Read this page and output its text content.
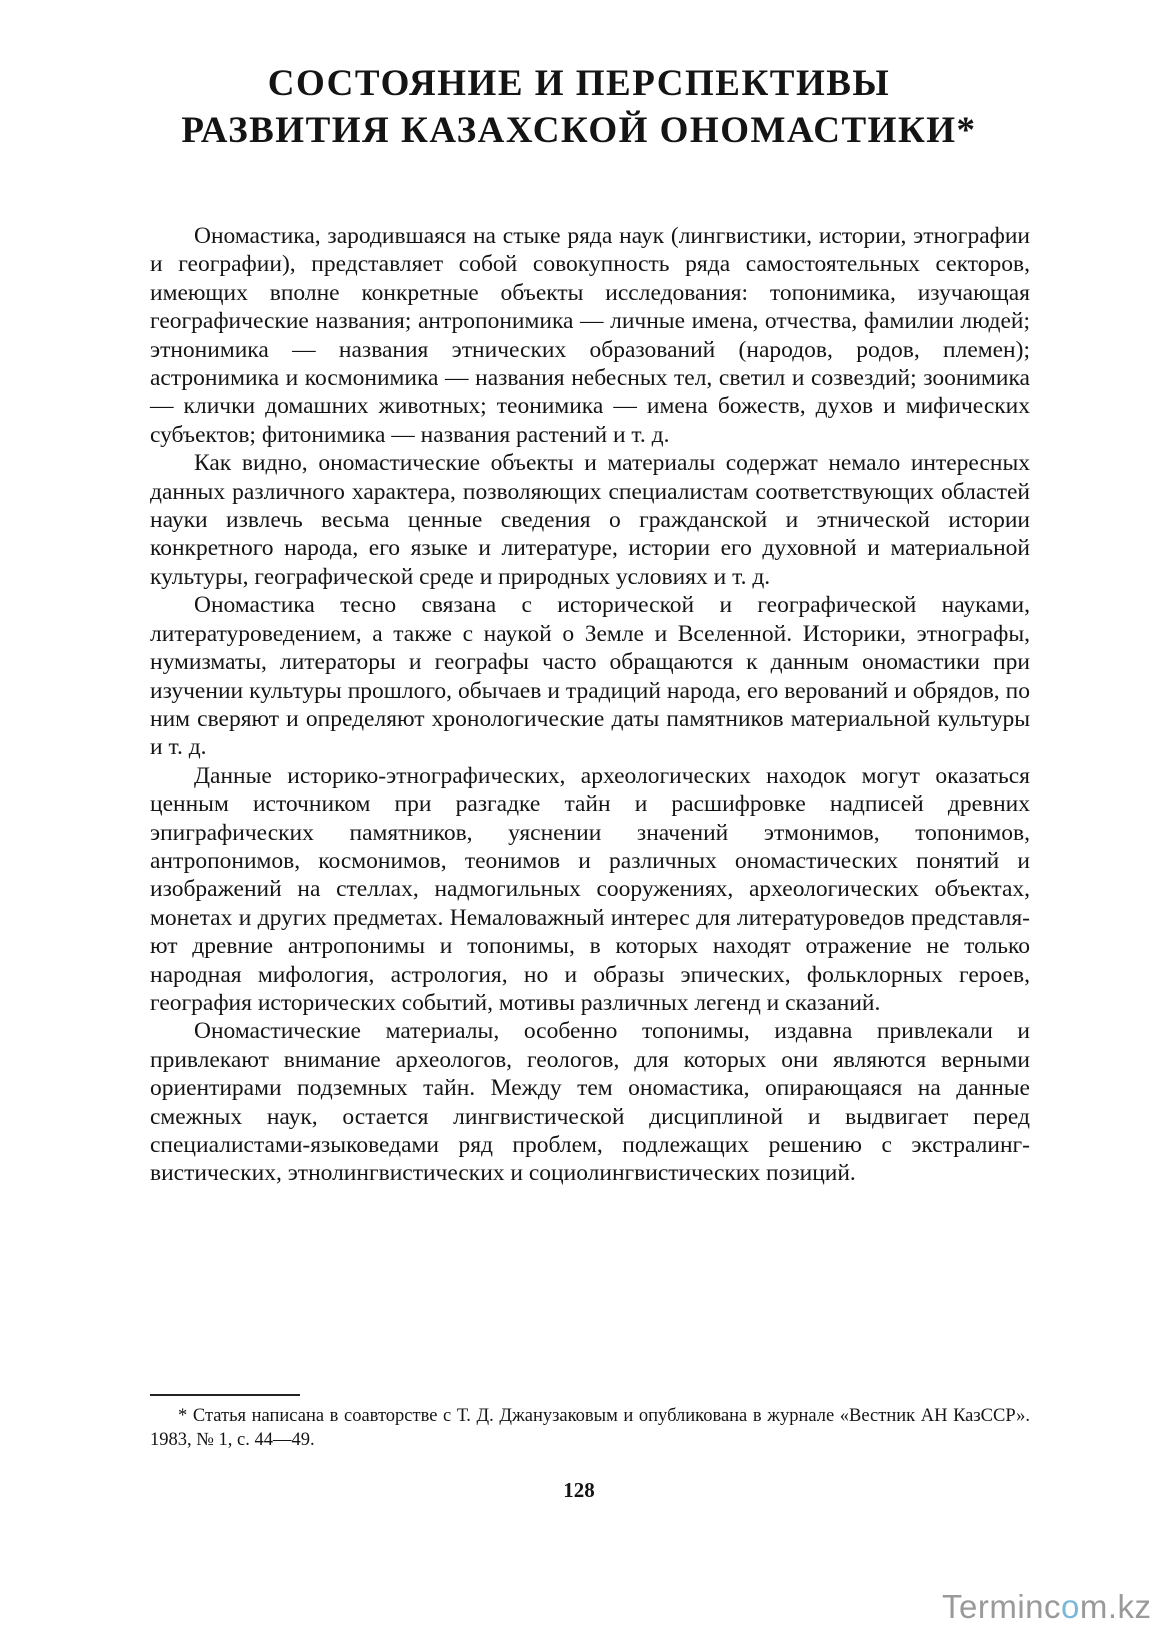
СОСТОЯНИЕ И ПЕРСПЕКТИВЫ
РАЗВИТИЯ КАЗАХСКОЙ ОНОМАСТИКИ*

Ономастика, зародившаяся на стыке ряда наук (лингвистики, истории, этнографии и географии), представляет собой совокупность ряда самостоятельных секторов, имеющих вполне конкретные объекты исследования: топонимика, изучающая географические названия; антропонимика — личные имена, отчества, фамилии людей; этнонимика — названия этнических образований (народов, родов, племен); астронимика и космонимика — названия небесных тел, светил и созвездий; зоонимика — клички домашних животных; теонимика — имена божеств, духов и мифических субъектов; фитонимика — названия растений и т. д.

Как видно, ономастические объекты и материалы содержат немало интересных данных различного характера, позволяющих специалистам соответствующих областей науки извлечь весьма ценные сведения о гражданской и этнической истории конкретного народа, его языке и литературе, истории его духовной и материальной культуры, географической среде и природных условиях и т. д.

Ономастика тесно связана с исторической и географической науками, литературоведением, а также с наукой о Земле и Вселенной. Историки, этнографы, нумизматы, литераторы и географы часто обращаются к данным ономастики при изучении культуры прошлого, обычаев и традиций народа, его верований и обрядов, по ним сверяют и определяют хронологические даты памятников материальной культуры и т. д.

Данные историко-этнографических, археологических находок могут оказаться ценным источником при разгадке тайн и расшифровке надписей древних эпиграфических памятников, уяснении значений этмонимов, топонимов, антропонимов, космонимов, теонимов и различных ономастических понятий и изображений на стеллах, надмогильных сооружениях, археологических объектах, монетах и других предметах. Немаловажный интерес для литературоведов представляют древние антропонимы и топонимы, в которых находят отражение не только народная мифология, астрология, но и образы эпических, фольклорных героев, география исторических событий, мотивы различных легенд и сказаний.

Ономастические материалы, особенно топонимы, издавна привлекали и привлекают внимание археологов, геологов, для которых они являются верными ориентирами подземных тайн. Между тем ономастика, опирающаяся на данные смежных наук, остается лингвистической дисциплиной и выдвигает перед специалистами-языковедами ряд проблем, подлежащих решению с экстралинг- вистических, этнолингвистических и социолингвистических позиций.

* Статья написана в соавторстве с Т. Д. Джанузаковым и опубликована в журнале «Вестник АН КазССР». 1983, № 1, с. 44—49.

128
Termincom.kz
